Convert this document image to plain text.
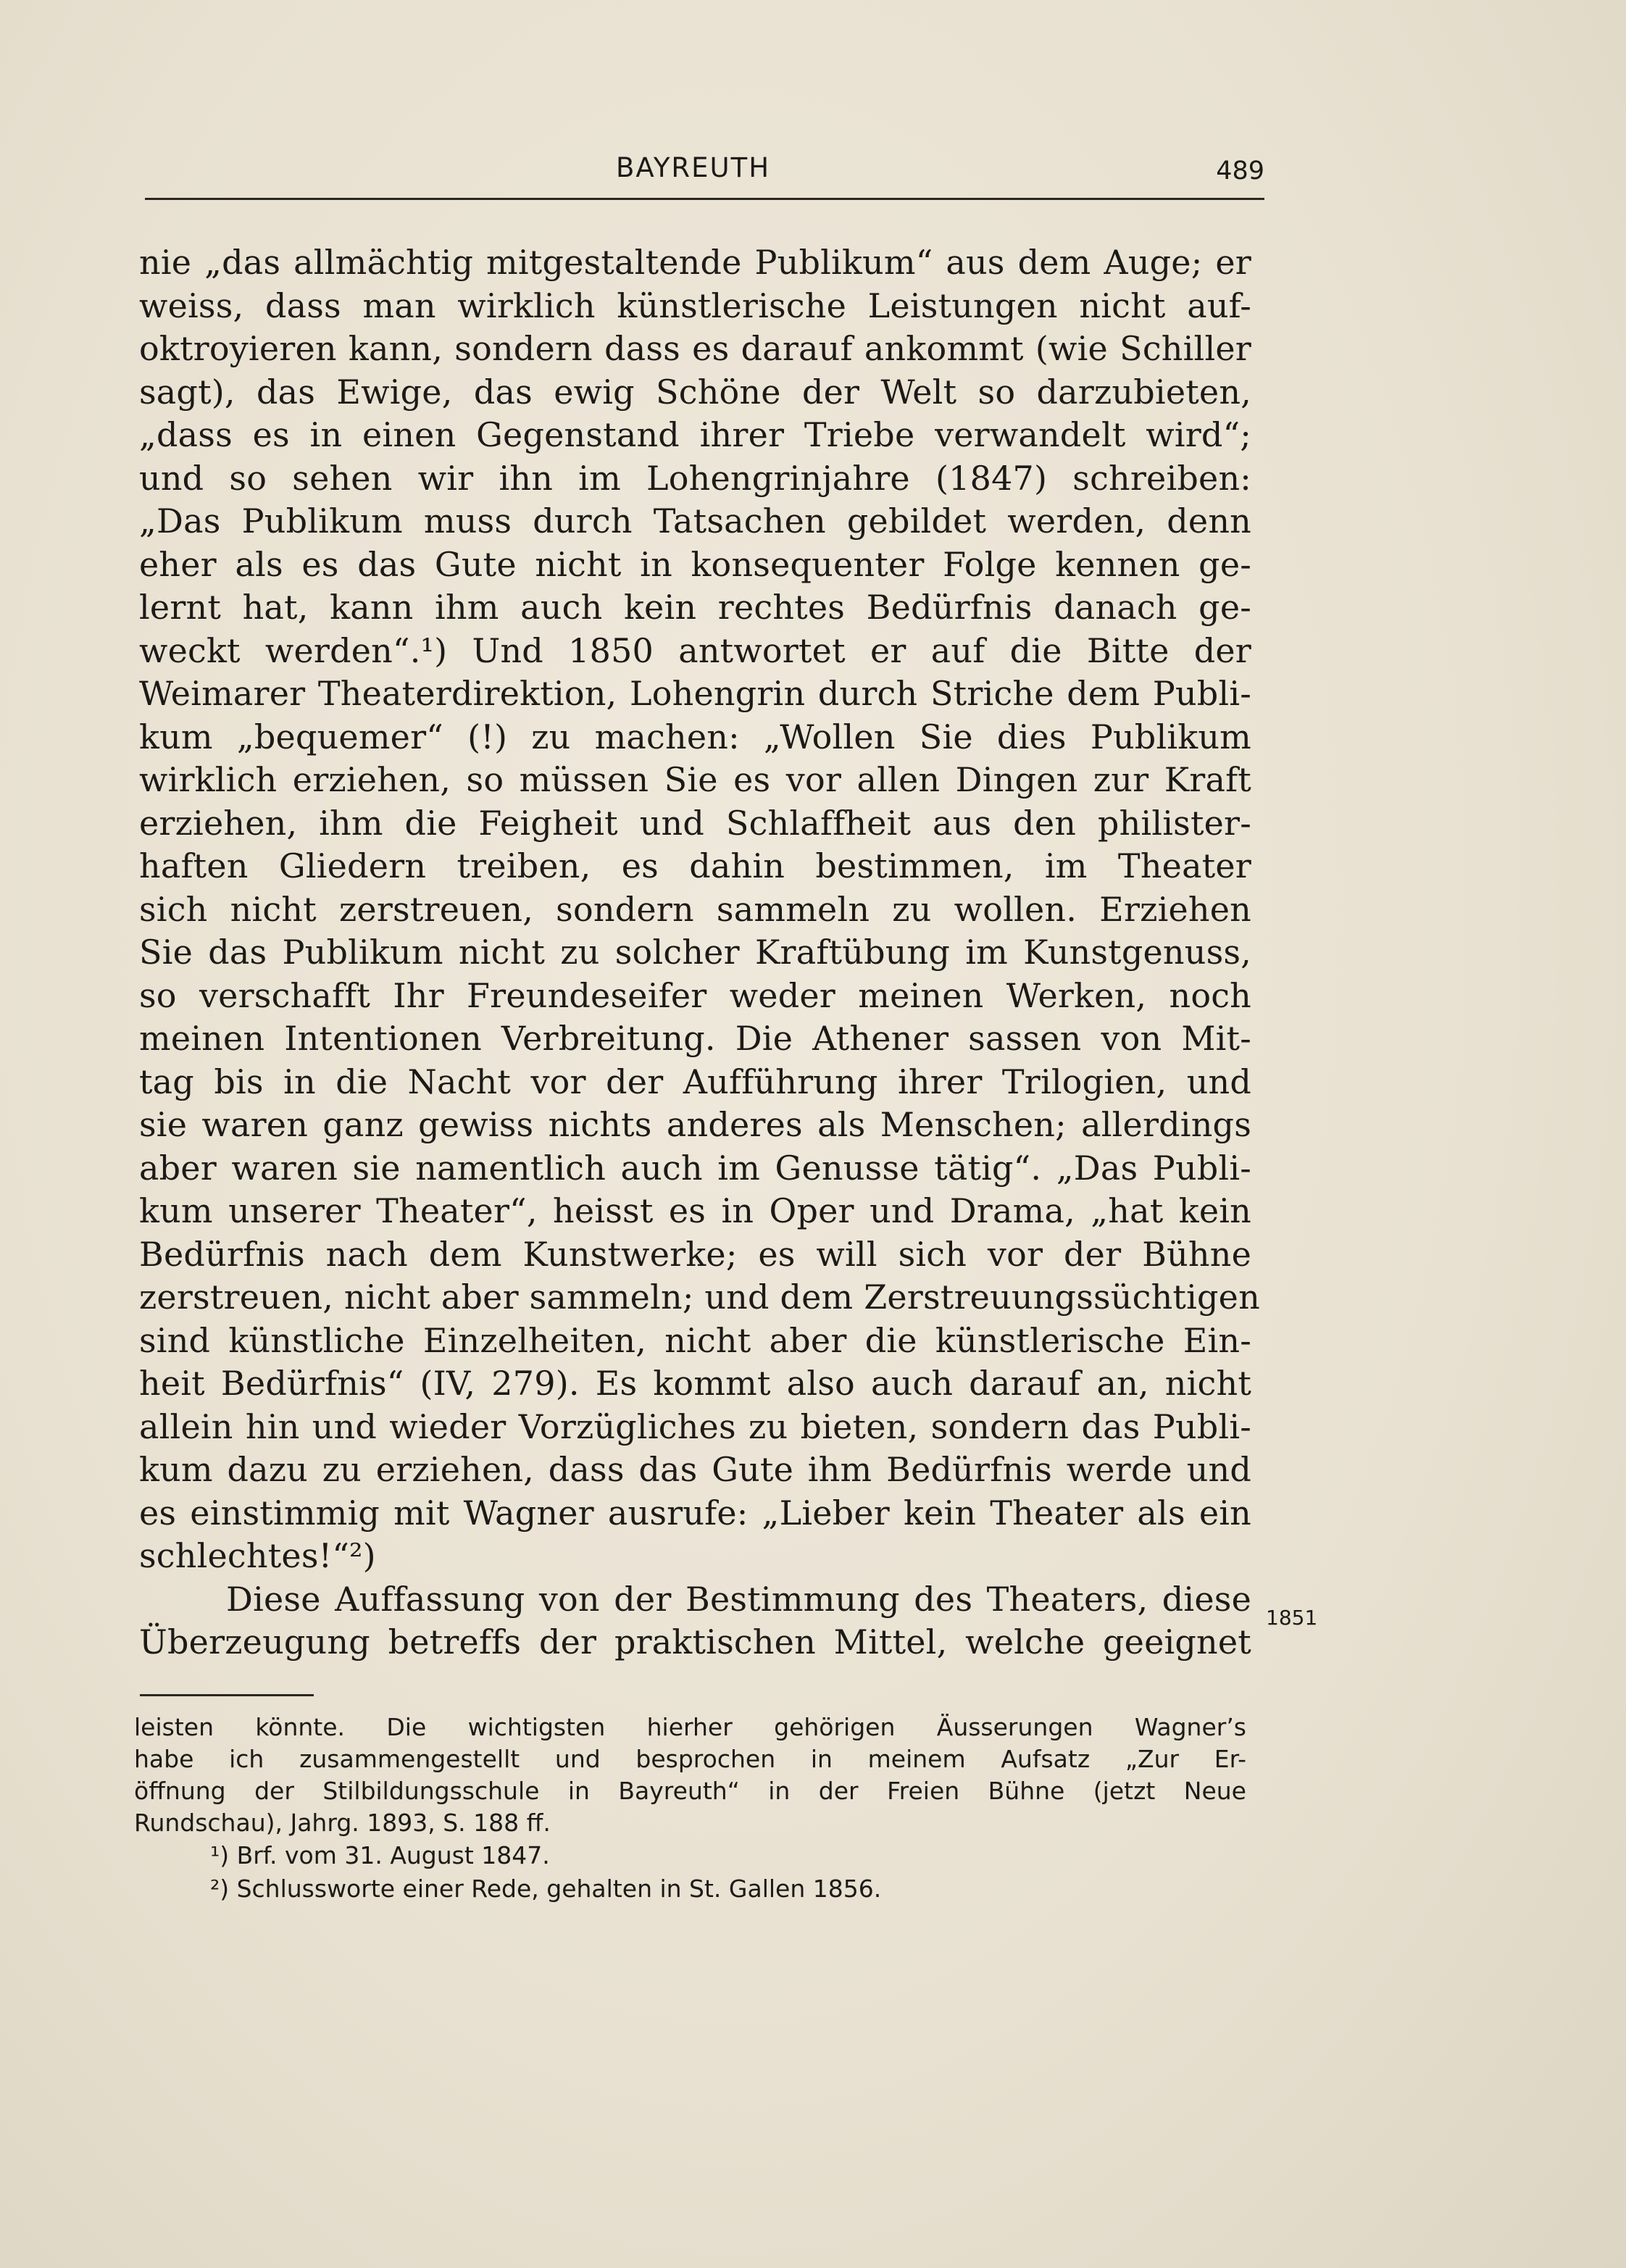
BAYREUTH	489
nie „das allmächtig mitgestaltende Publikum“ aus dem Auge; er
weiss, dass man wirklich künstlerische Leistungen nicht auf-
oktroyieren kann, sondern dass es darauf ankommt (wie Schiller
sagt), das Ewige, das ewig Schöne der Welt so darzubieten,
„dass es in einen Gegenstand ihrer Triebe verwandelt wird“;
und so sehen wir ihn im Lohengrinjahre (1847) schreiben:
„Das Publikum muss durch Tatsachen gebildet werden, denn
eher als es das Gute nicht in konsequenter Folge kennen ge-
lernt hat, kann ihm auch kein rechtes Bedürfnis danach ge-
weckt werden“.¹) Und 1850 antwortet er auf die Bitte der
Weimarer Theaterdirektion, Lohengrin durch Striche dem Publi-
kum „bequemer“ (!) zu machen: „Wollen Sie dies Publikum
wirklich erziehen, so müssen Sie es vor allen Dingen zur Kraft
erziehen, ihm die Feigheit und Schlaffheit aus den philister-
haften Gliedern treiben, es dahin bestimmen, im Theater
sich nicht zerstreuen, sondern sammeln zu wollen. Erziehen
Sie das Publikum nicht zu solcher Kraftübung im Kunstgenuss,
so verschafft Ihr Freundeseifer weder meinen Werken, noch
meinen Intentionen Verbreitung. Die Athener sassen von Mit-
tag bis in die Nacht vor der Aufführung ihrer Trilogien, und
sie waren ganz gewiss nichts anderes als Menschen; allerdings
aber waren sie namentlich auch im Genusse tätig“. „Das Publi-
kum unserer Theater“, heisst es in Oper und Drama, „hat kein
Bedürfnis nach dem Kunstwerke; es will sich vor der Bühne
zerstreuen, nicht aber sammeln; und dem Zerstreuungssüchtigen
sind künstliche Einzelheiten, nicht aber die künstlerische Ein-
heit Bedürfnis“ (IV, 279). Es kommt also auch darauf an, nicht
allein hin und wieder Vorzügliches zu bieten, sondern das Publi-
kum dazu zu erziehen, dass das Gute ihm Bedürfnis werde und
es einstimmig mit Wagner ausrufe: „Lieber kein Theater als ein
schlechtes!“²)
Diese Auffassung von der Bestimmung des Theaters, diese
Überzeugung betreffs der praktischen Mittel, welche geeignet
1851
leisten könnte. Die wichtigsten hierher gehörigen Äusserungen Wagner’s
habe ich zusammengestellt und besprochen in meinem Aufsatz „Zur Er-
öffnung der Stilbildungsschule in Bayreuth“ in der Freien Bühne (jetzt Neue
Rundschau), Jahrg. 1893, S. 188 ff.
¹) Brf. vom 31. August 1847.
²) Schlussworte einer Rede, gehalten in St. Gallen 1856.
